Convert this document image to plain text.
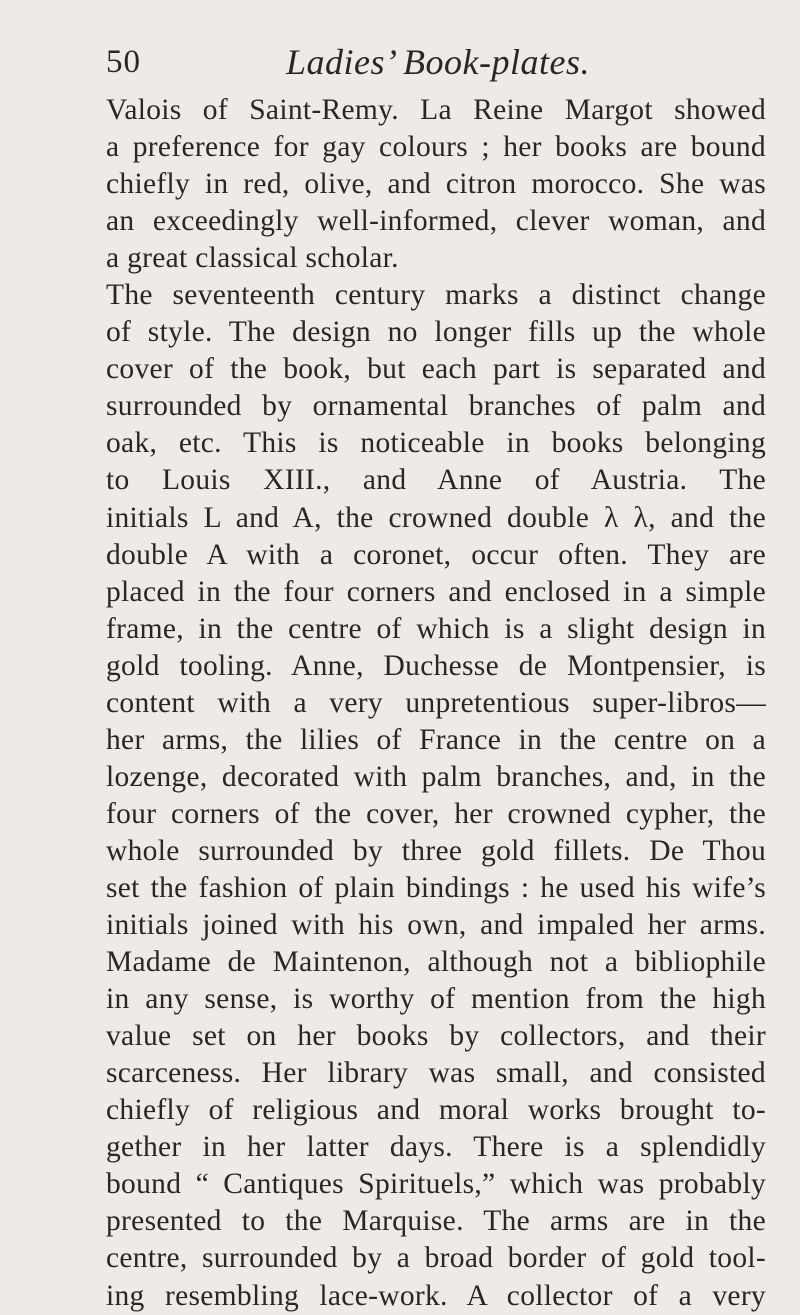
50	Ladies’ Book-plates.
Valois of Saint-Remy. La Reine Margot showed
a preference for gay colours ; her books are bound
chiefly in red, olive, and citron morocco. She was
an exceedingly well-informed, clever woman, and
a great classical scholar.
The seventeenth century marks a distinct change
of style. The design no longer fills up the whole
cover of the book, but each part is separated and
surrounded by ornamental branches of palm and
oak, etc. This is noticeable in books belonging
to Louis XIII., and Anne of Austria. The
initials L and A, the crowned double λ λ, and the
double A with a coronet, occur often. They are
placed in the four corners and enclosed in a simple
frame, in the centre of which is a slight design in
gold tooling. Anne, Duchesse de Montpensier, is
content with a very unpretentious super-libros—
her arms, the lilies of France in the centre on a
lozenge, decorated with palm branches, and, in the
four corners of the cover, her crowned cypher, the
whole surrounded by three gold fillets. De Thou
set the fashion of plain bindings : he used his wife’s
initials joined with his own, and impaled her arms.
Madame de Maintenon, although not a bibliophile
in any sense, is worthy of mention from the high
value set on her books by collectors, and their
scarceness. Her library was small, and consisted
chiefly of religious and moral works brought to-
gether in her latter days. There is a splendidly
bound “ Cantiques Spirituels,” which was probably
presented to the Marquise. The arms are in the
centre, surrounded by a broad border of gold tool-
ing resembling lace-work. A collector of a very
